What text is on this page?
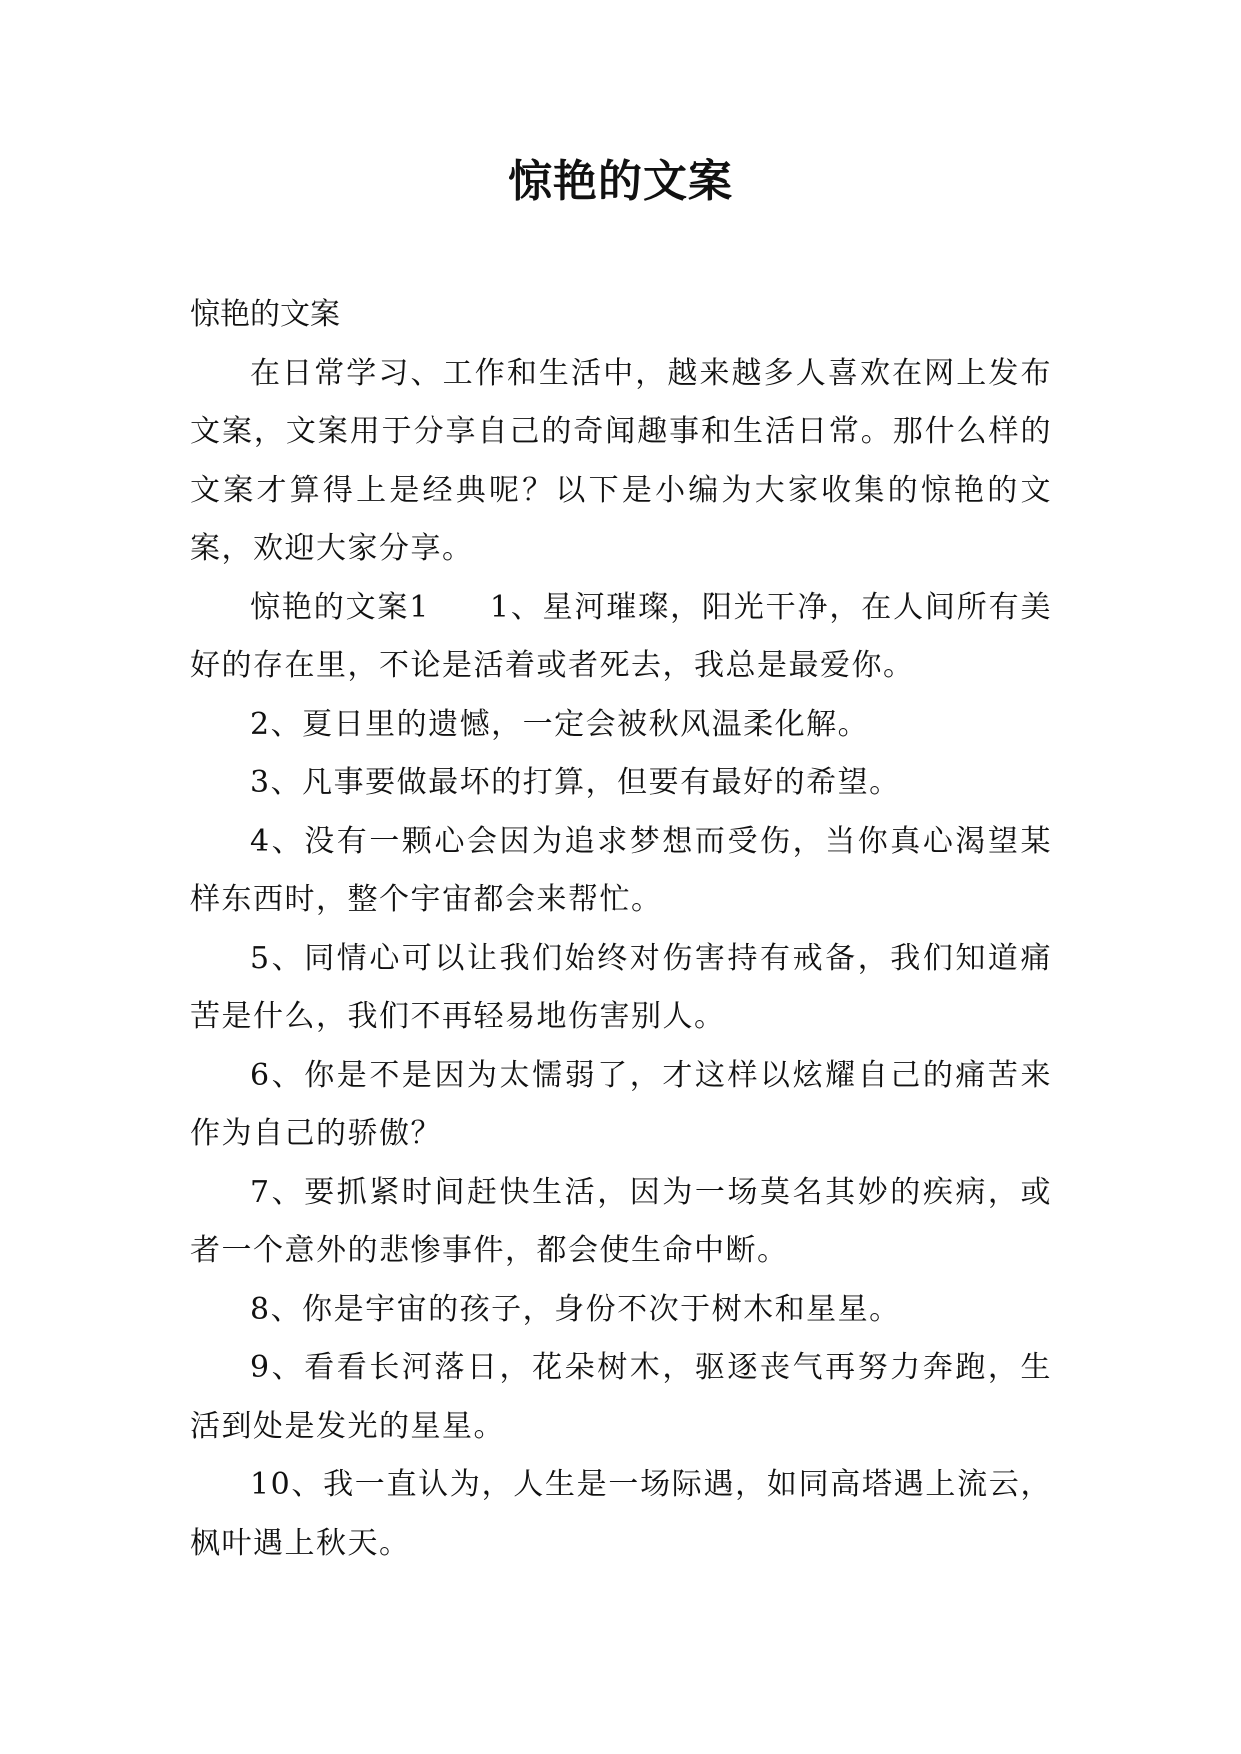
惊艳的文案

惊艳的文案

在日常学习、工作和生活中，越来越多人喜欢在网上发布文案，文案用于分享自己的奇闻趣事和生活日常。那什么样的文案才算得上是经典呢？以下是小编为大家收集的惊艳的文案，欢迎大家分享。

惊艳的文案1 1、星河璀璨，阳光干净，在人间所有美好的存在里，不论是活着或者死去，我总是最爱你。

2、夏日里的遗憾，一定会被秋风温柔化解。

3、凡事要做最坏的打算，但要有最好的希望。

4、没有一颗心会因为追求梦想而受伤，当你真心渴望某样东西时，整个宇宙都会来帮忙。

5、同情心可以让我们始终对伤害持有戒备，我们知道痛苦是什么，我们不再轻易地伤害别人。

6、你是不是因为太懦弱了，才这样以炫耀自己的痛苦来作为自己的骄傲？

7、要抓紧时间赶快生活，因为一场莫名其妙的疾病，或者一个意外的悲惨事件，都会使生命中断。

8、你是宇宙的孩子，身份不次于树木和星星。

9、看看长河落日，花朵树木，驱逐丧气再努力奔跑，生活到处是发光的星星。

10、我一直认为，人生是一场际遇，如同高塔遇上流云，枫叶遇上秋天。
